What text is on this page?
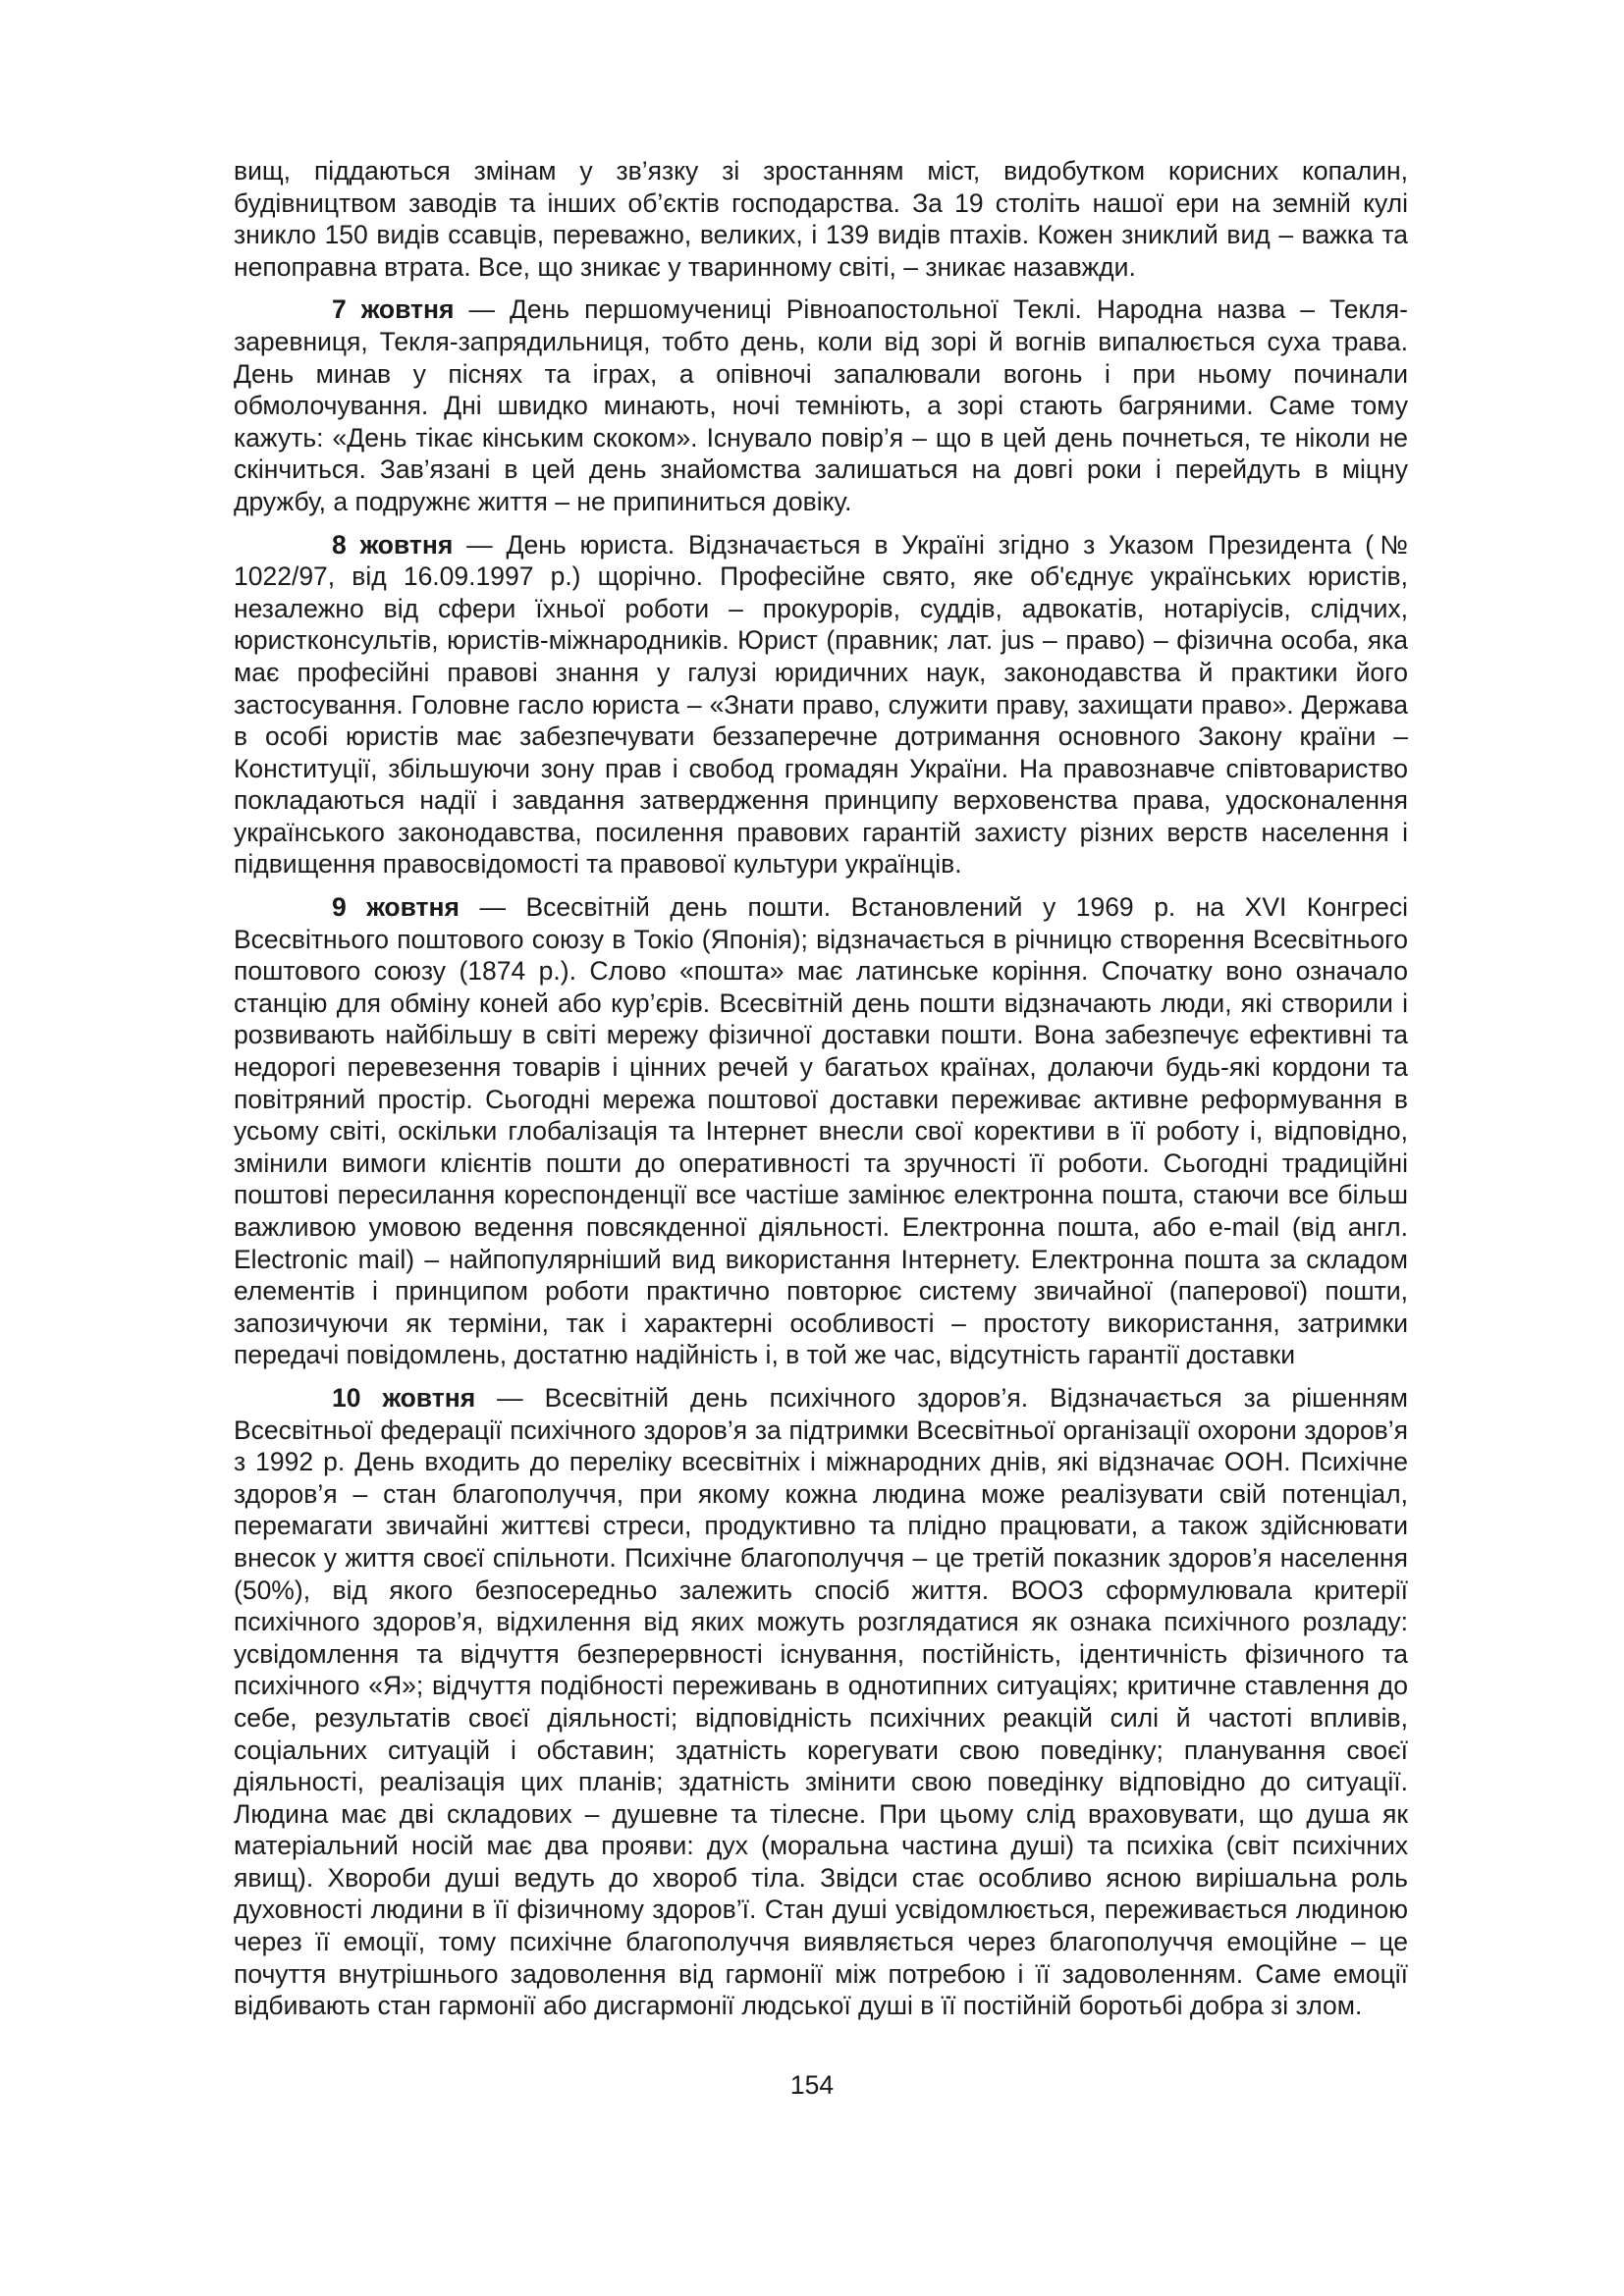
вищ, піддаються змінам у зв’язку зі зростанням міст, видобутком корисних копалин, будівництвом заводів та інших об’єктів господарства. За 19 століть нашої ери на земній кулі зникло 150 видів ссавців, переважно, великих, і 139 видів птахів. Кожен зниклий вид – важка та непоправна втрата. Все, що зникає у тваринному світі, – зникає назавжди.

7 жовтня — День першомучениці Рівноапостольної Теклі. Народна назва – Текля-заревниця, Текля-запрядильниця, тобто день, коли від зорі й вогнів випалюється суха трава. День минав у піснях та іграх, а опівночі запалювали вогонь і при ньому починали обмолочування. Дні швидко минають, ночі темніють, а зорі стають багряними. Саме тому кажуть: «День тікає кінським скоком». Існувало повір’я – що в цей день почнеться, те ніколи не скінчиться. Зав’язані в цей день знайомства залишаться на довгі роки і перейдуть в міцну дружбу, а подружнє життя – не припиниться довіку.

8 жовтня — День юриста. Відзначається в Україні згідно з Указом Президента (№ 1022/97, від 16.09.1997 р.) щорічно. Професійне свято, яке об'єднує українських юристів, незалежно від сфери їхньої роботи – прокурорів, суддів, адвокатів, нотаріусів, слідчих, юристконсультів, юристів-міжнародників. Юрист (правник; лат. jus – право) – фізична особа, яка має професійні правові знання у галузі юридичних наук, законодавства й практики його застосування. Головне гасло юриста – «Знати право, служити праву, захищати право». Держава в особі юристів має забезпечувати беззаперечне дотримання основного Закону країни – Конституції, збільшуючи зону прав і свобод громадян України. На правознавче співтовариство покладаються надії і завдання затвердження принципу верховенства права, удосконалення українського законодавства, посилення правових гарантій захисту різних верств населення і підвищення правосвідомості та правової культури українців.

9 жовтня — Всесвітній день пошти. Встановлений у 1969 р. на XVI Конгресі Всесвітнього поштового союзу в Токіо (Японія); відзначається в річницю створення Всесвітнього поштового союзу (1874 р.). Слово «пошта» має латинське коріння. Спочатку воно означало станцію для обміну коней або кур’єрів. Всесвітній день пошти відзначають люди, які створили і розвивають найбільшу в світі мережу фізичної доставки пошти. Вона забезпечує ефективні та недорогі перевезення товарів і цінних речей у багатьох країнах, долаючи будь-які кордони та повітряний простір. Сьогодні мережа поштової доставки переживає активне реформування в усьому світі, оскільки глобалізація та Інтернет внесли свої корективи в її роботу і, відповідно, змінили вимоги клієнтів пошти до оперативності та зручності її роботи. Сьогодні традиційні поштові пересилання кореспонденції все частіше замінює електронна пошта, стаючи все більш важливою умовою ведення повсякденної діяльності. Електронна пошта, або e-mail (від англ. Electronic mail) – найпопулярніший вид використання Інтернету. Електронна пошта за складом елементів і принципом роботи практично повторює систему звичайної (паперової) пошти, запозичуючи як терміни, так і характерні особливості – простоту використання, затримки передачі повідомлень, достатню надійність і, в той же час, відсутність гарантії доставки

10 жовтня — Всесвітній день психічного здоров’я. Відзначається за рішенням Всесвітньої федерації психічного здоров’я за підтримки Всесвітньої організації охорони здоров’я з 1992 р. День входить до переліку всесвітніх і міжнародних днів, які відзначає ООН. Психічне здоров’я – стан благополуччя, при якому кожна людина може реалізувати свій потенціал, перемагати звичайні життєві стреси, продуктивно та плідно працювати, а також здійснювати внесок у життя своєї спільноти. Психічне благополуччя – це третій показник здоров’я населення (50%), від якого безпосередньо залежить спосіб життя. ВООЗ сформулювала критерії психічного здоров’я, відхилення від яких можуть розглядатися як ознака психічного розладу: усвідомлення та відчуття безперервності існування, постійність, ідентичність фізичного та психічного «Я»; відчуття подібності переживань в однотипних ситуаціях; критичне ставлення до себе, результатів своєї діяльності; відповідність психічних реакцій силі й частоті впливів, соціальних ситуацій і обставин; здатність корегувати свою поведінку; планування своєї діяльності, реалізація цих планів; здатність змінити свою поведінку відповідно до ситуації. Людина має дві складових – душевне та тілесне. При цьому слід враховувати, що душа як матеріальний носій має два прояви: дух (моральна частина душі) та психіка (світ психічних явищ). Хвороби душі ведуть до хвороб тіла. Звідси стає особливо ясною вирішальна роль духовності людини в її фізичному здоров’ї. Стан душі усвідомлюється, переживається людиною через її емоції, тому психічне благополуччя виявляється через благополуччя емоційне – це почуття внутрішнього задоволення від гармонії між потребою і її задоволенням. Саме емоції відбивають стан гармонії або дисгармонії людської душі в її постійній боротьбі добра зі злом.

154
